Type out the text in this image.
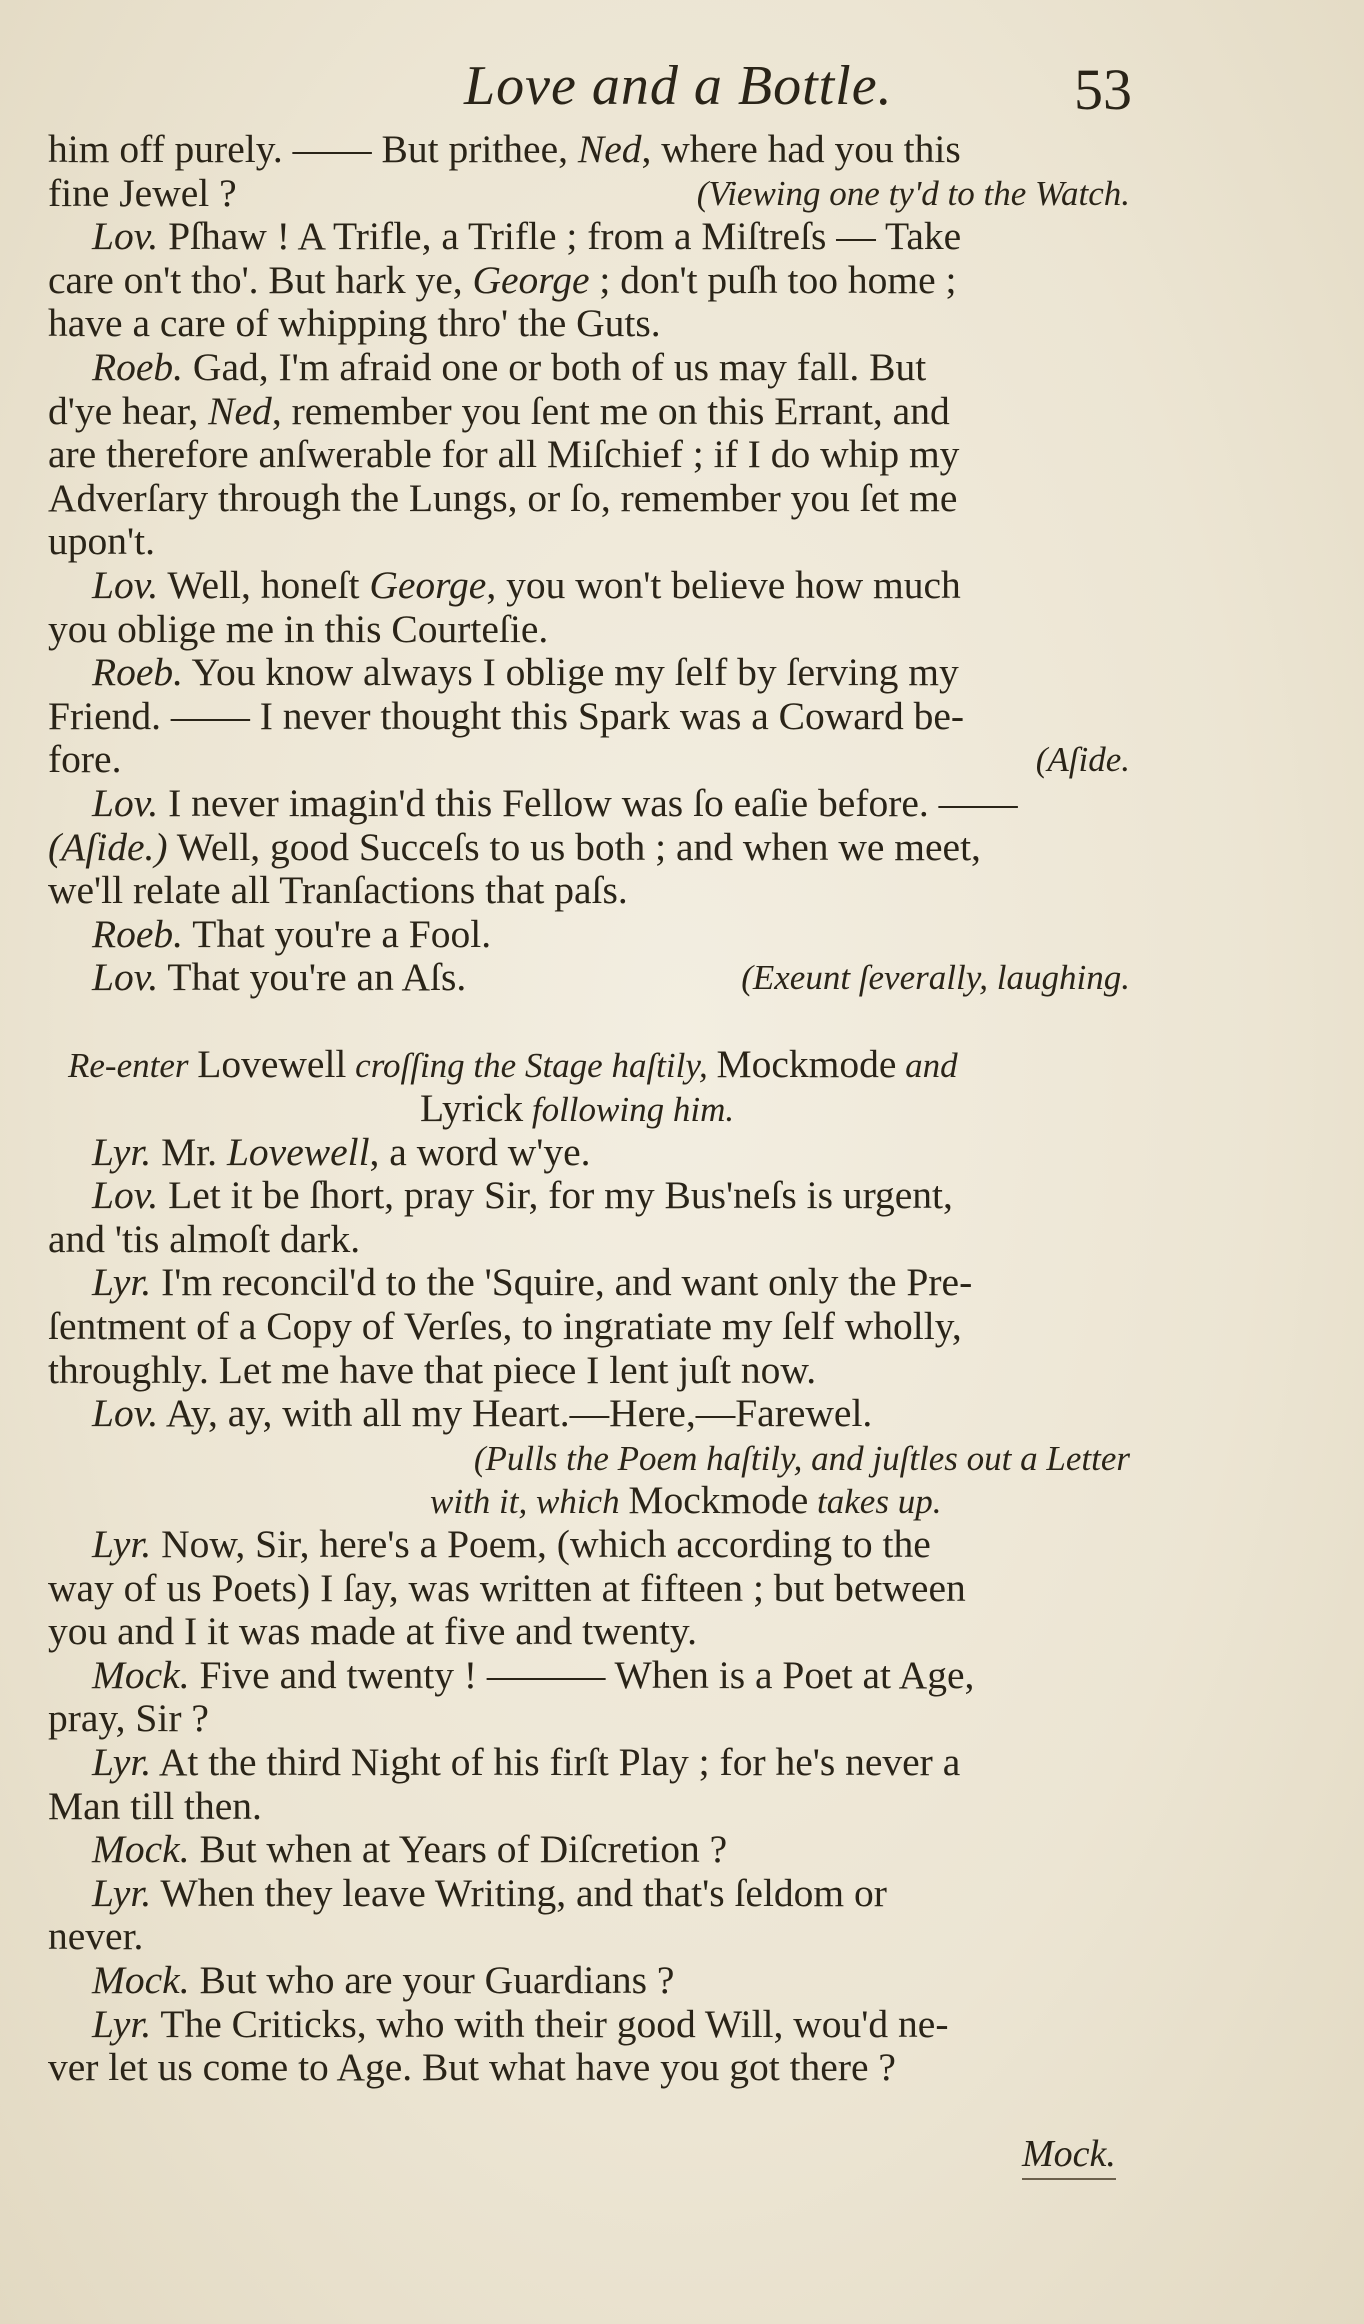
Love and a Bottle.	53
him off purely. —— But prithee, Ned, where had you this
fine Jewel ?	(Viewing one ty'd to the Watch.
Lov. Pſhaw ! A Trifle, a Trifle ; from a Miſtreſs — Take
care on't tho'. But hark ye, George ; don't puſh too home ;
have a care of whipping thro' the Guts.
Roeb. Gad, I'm afraid one or both of us may fall. But
d'ye hear, Ned, remember you ſent me on this Errant, and
are therefore anſwerable for all Miſchief ; if I do whip my
Adverſary through the Lungs, or ſo, remember you ſet me
upon't.
Lov. Well, honeſt George, you won't believe how much
you oblige me in this Courteſie.
Roeb. You know always I oblige my ſelf by ſerving my
Friend. —— I never thought this Spark was a Coward be-
fore.	(Aſide.
Lov. I never imagin'd this Fellow was ſo eaſie before. ——
(Aſide.) Well, good Succeſs to us both ; and when we meet,
we'll relate all Tranſactions that paſs.
Roeb. That you're a Fool.
Lov. That you're an Aſs.	(Exeunt ſeverally, laughing.
Re-enter Lovewell croſſing the Stage haſtily, Mockmode and
Lyrick following him.
Lyr. Mr. Lovewell, a word w'ye.
Lov. Let it be ſhort, pray Sir, for my Bus'neſs is urgent,
and 'tis almoſt dark.
Lyr. I'm reconcil'd to the 'Squire, and want only the Pre-
ſentment of a Copy of Verſes, to ingratiate my ſelf wholly,
throughly. Let me have that piece I lent juſt now.
Lov. Ay, ay, with all my Heart.—Here,—Farewel.
(Pulls the Poem haſtily, and juſtles out a Letter
with it, which Mockmode takes up.
Lyr. Now, Sir, here's a Poem, (which according to the
way of us Poets) I ſay, was written at fifteen ; but between
you and I it was made at five and twenty.
Mock. Five and twenty ! ——— When is a Poet at Age,
pray, Sir ?
Lyr. At the third Night of his firſt Play ; for he's never a
Man till then.
Mock. But when at Years of Diſcretion ?
Lyr. When they leave Writing, and that's ſeldom or
never.
Mock. But who are your Guardians ?
Lyr. The Criticks, who with their good Will, wou'd ne-
ver let us come to Age. But what have you got there ?
Mock.
